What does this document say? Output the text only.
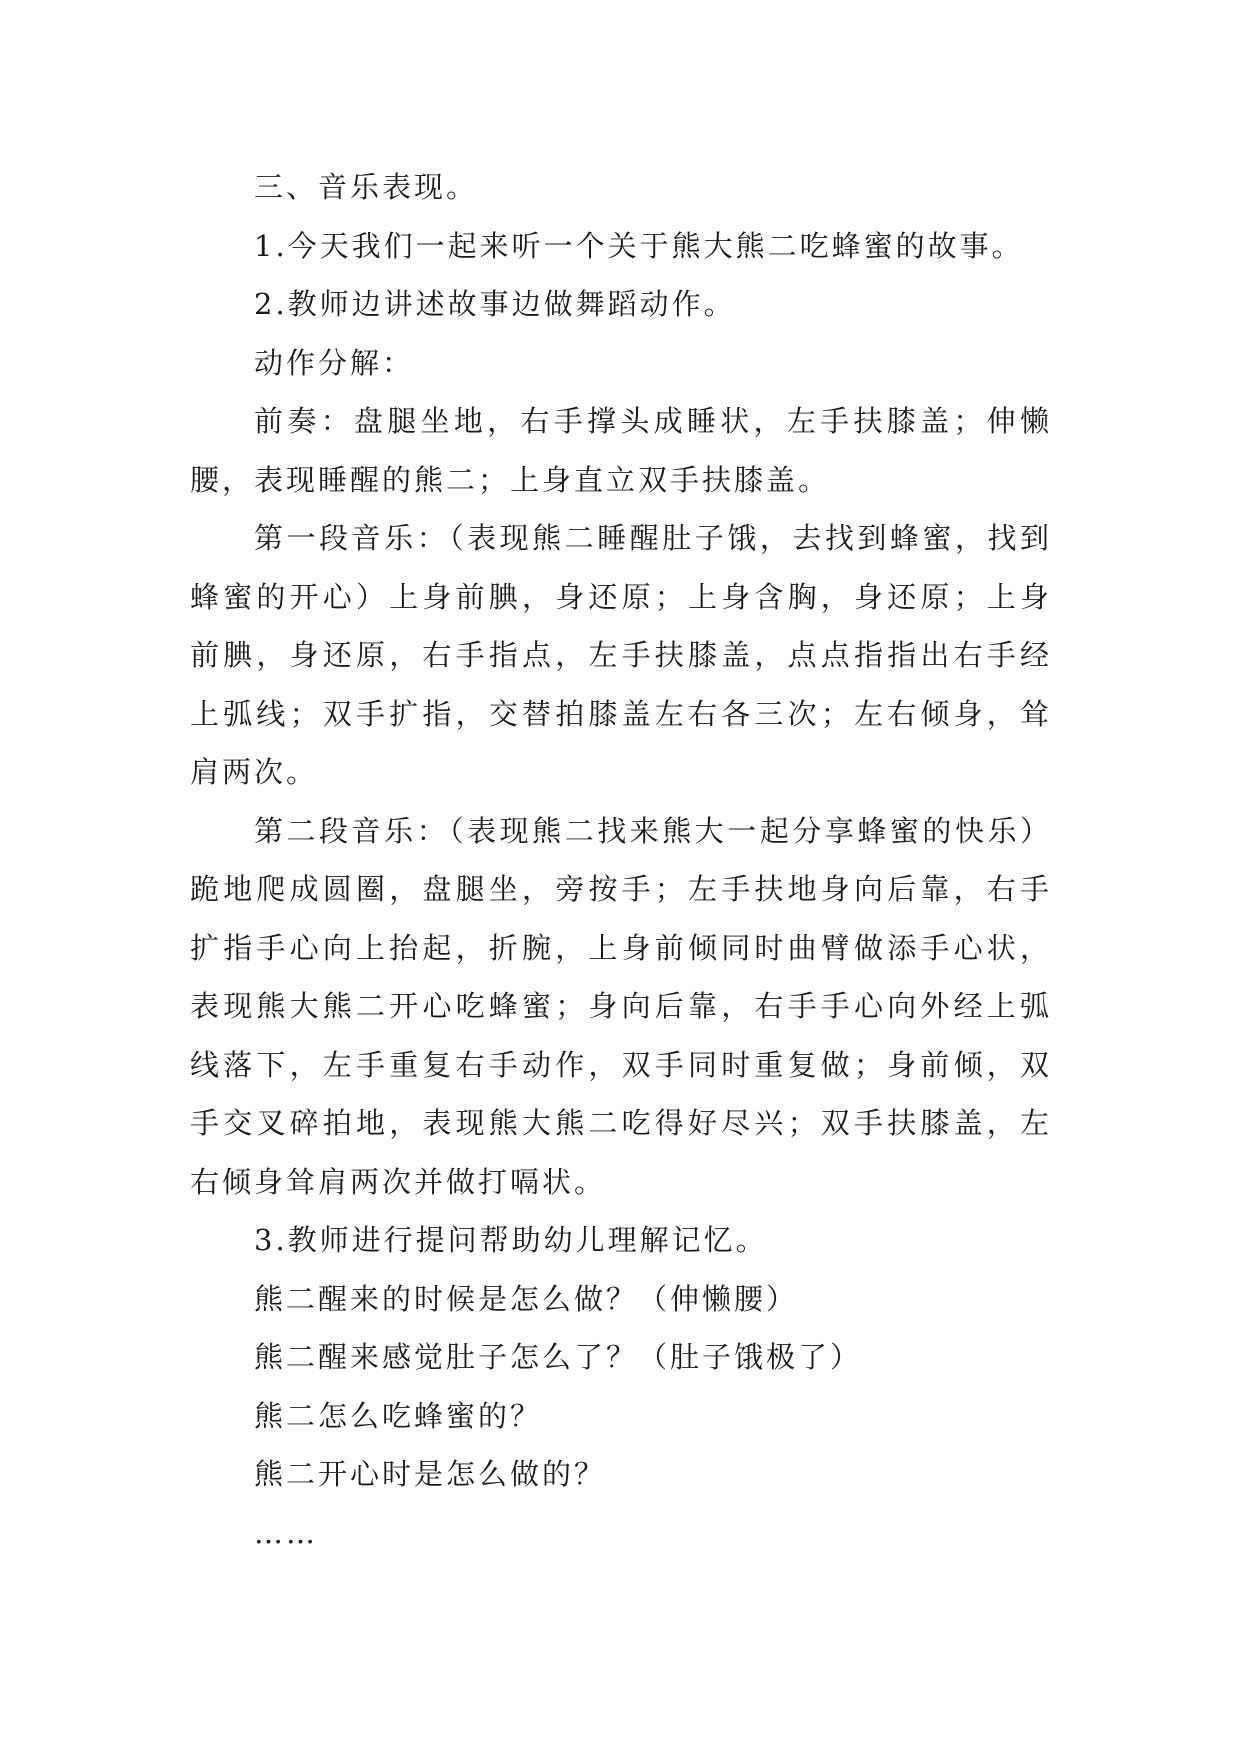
三、音乐表现。

1.今天我们一起来听一个关于熊大熊二吃蜂蜜的故事。

2.教师边讲述故事边做舞蹈动作。

动作分解：

前奏：盘腿坐地，右手撑头成睡状，左手扶膝盖；伸懒腰，表现睡醒的熊二；上身直立双手扶膝盖。

第一段音乐：（表现熊二睡醒肚子饿，去找到蜂蜜，找到蜂蜜的开心）上身前腆，身还原；上身含胸，身还原；上身前腆，身还原，右手指点，左手扶膝盖，点点指指出右手经上弧线；双手扩指，交替拍膝盖左右各三次；左右倾身，耸肩两次。

第二段音乐：（表现熊二找来熊大一起分享蜂蜜的快乐）跪地爬成圆圈，盘腿坐，旁按手；左手扶地身向后靠，右手扩指手心向上抬起，折腕，上身前倾同时曲臂做添手心状，表现熊大熊二开心吃蜂蜜；身向后靠，右手手心向外经上弧线落下，左手重复右手动作，双手同时重复做；身前倾，双手交叉碎拍地，表现熊大熊二吃得好尽兴；双手扶膝盖，左右倾身耸肩两次并做打嗝状。

3.教师进行提问帮助幼儿理解记忆。

熊二醒来的时候是怎么做？（伸懒腰）

熊二醒来感觉肚子怎么了？（肚子饿极了）

熊二怎么吃蜂蜜的？

熊二开心时是怎么做的？

……
